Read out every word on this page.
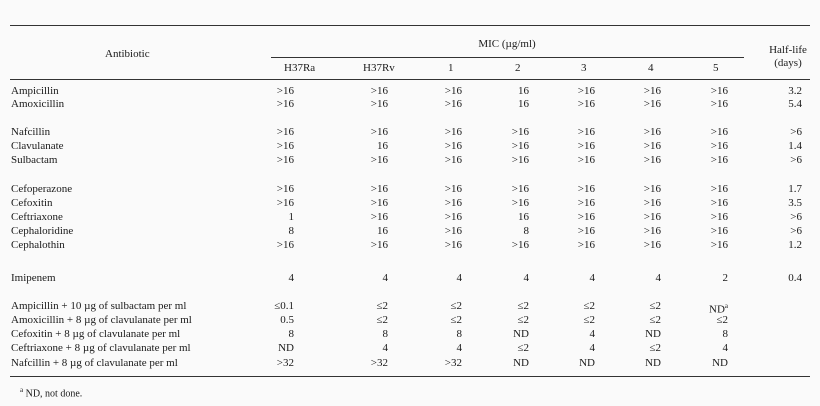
Antibiotic
MIC (µg/ml)	Half-life
(days)
H37Ra	H37Rv	1	2	3	4	5
Ampicillin	>16	>16	>16	16	>16	>16	>16	3.2
Amoxicillin	>16	>16	>16	16	>16	>16	>16	5.4
Nafcillin	>16	>16	>16	>16	>16	>16	>16	>6
Clavulanate	>16	16	>16	>16	>16	>16	>16	1.4
Sulbactam	>16	>16	>16	>16	>16	>16	>16	>6
Cefoperazone	>16	>16	>16	>16	>16	>16	>16	1.7
Cefoxitin	>16	>16	>16	>16	>16	>16	>16	3.5
Ceftriaxone	1	>16	>16	16	>16	>16	>16	>6
Cephaloridine	8	16	>16	8	>16	>16	>16	>6
Cephalothin	>16	>16	>16	>16	>16	>16	>16	1.2
Imipenem	4	4	4	4	4	4	2	0.4
Ampicillin + 10 µg of sulbactam per ml	≤0.1	≤2	≤2	≤2	≤2	≤2	$ND^a$
Amoxicillin + 8 µg of clavulanate per ml	0.5	≤2	≤2	≤2	≤2	≤2	≤2
Cefoxitin + 8 µg of clavulanate per ml	8	8	8	ND	4	ND	8
Ceftriaxone + 8 µg of clavulanate per ml	ND	4	4	≤2	4	≤2	4
Nafcillin + 8 µg of clavulanate per ml	>32	>32	>32	ND	ND	ND	ND
$^a$ ND, not done.
